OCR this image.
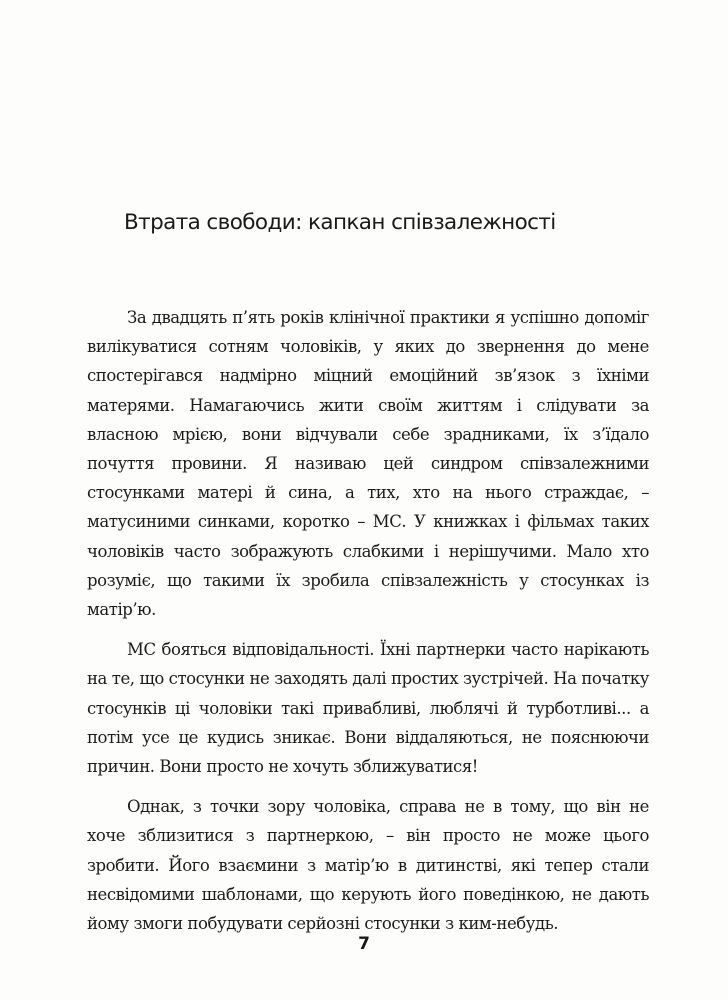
Втрата свободи: капкан співзалежності

За двадцять п’ять років клінічної практики я успішно допоміг вилікуватися сотням чоловіків, у яких до звернення до мене спостерігався надмірно міцний емоційний зв’язок з їхніми матерями. Намагаючись жити своїм життям і слідувати за власною мрією, вони відчували себе зрадниками, їх з’їдало почуття провини. Я називаю цей синдром співзалежними стосунками матері й сина, а тих, хто на нього страждає, – матусиними синками, коротко – МС. У книжках і фільмах таких чоловіків часто зображують слабкими і нерішучими. Мало хто розуміє, що такими їх зробила співзалежність у стосунках із матір’ю.

МС бояться відповідальності. Їхні партнерки часто нарікають на те, що стосунки не заходять далі простих зустрічей. На початку стосунків ці чоловіки такі привабливі, люблячі й турботливі... а потім усе це кудись зникає. Вони віддаляються, не пояснюючи причин. Вони просто не хочуть зближуватися!

Однак, з точки зору чоловіка, справа не в тому, що він не хоче зблизитися з партнеркою, – він просто не може цього зробити. Його взаємини з матір’ю в дитинстві, які тепер стали несвідомими шаблонами, що керують його поведінкою, не дають йому змоги побудувати серйозні стосунки з ким-небудь.

7
